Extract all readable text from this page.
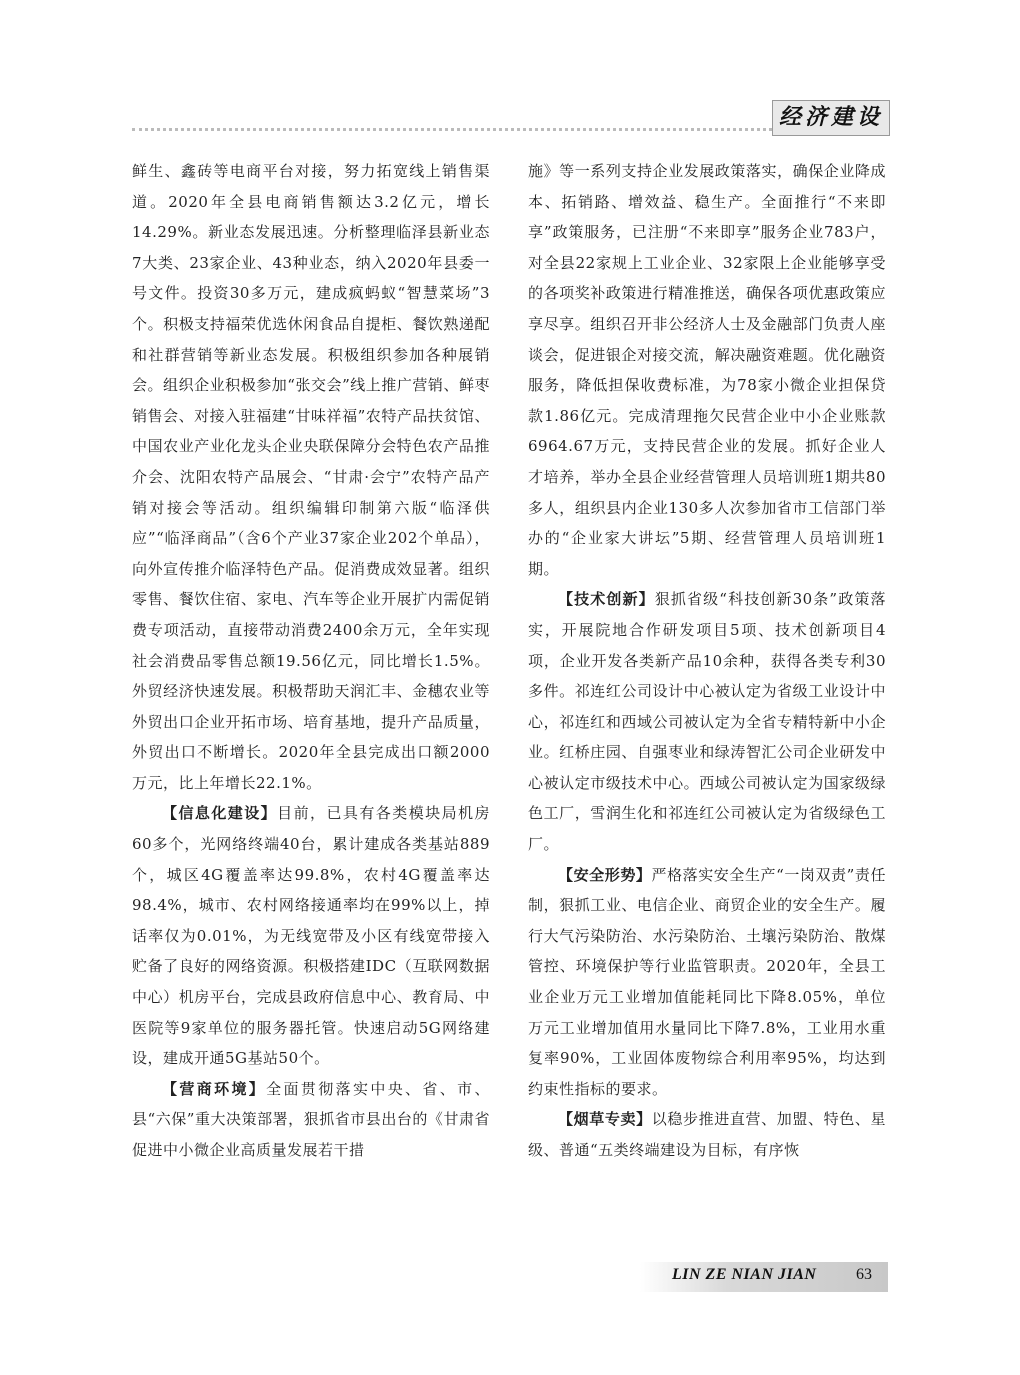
经济建设

鲜生、鑫砖等电商平台对接，努力拓宽线上销售渠道。2020年全县电商销售额达3.2亿元，增长14.29%。新业态发展迅速。分析整理临泽县新业态7大类、23家企业、43种业态，纳入2020年县委一号文件。投资30多万元，建成疯蚂蚁“智慧菜场”3个。积极支持福荣优选休闲食品自提柜、餐饮熟递配和社群营销等新业态发展。积极组织参加各种展销会。组织企业积极参加“张交会”线上推广营销、鲜枣销售会、对接入驻福建“甘味祥福”农特产品扶贫馆、中国农业产业化龙头企业央联保障分会特色农产品推介会、沈阳农特产品展会、“甘肃·会宁”农特产品产销对接会等活动。组织编辑印制第六版“临泽供应”“临泽商品”（含6个产业37家企业202个单品），向外宣传推介临泽特色产品。促消费成效显著。组织零售、餐饮住宿、家电、汽车等企业开展扩内需促销费专项活动，直接带动消费2400余万元，全年实现社会消费品零售总额19.56亿元，同比增长1.5%。外贸经济快速发展。积极帮助天润汇丰、金穗农业等外贸出口企业开拓市场、培育基地，提升产品质量，外贸出口不断增长。2020年全县完成出口额2000万元，比上年增长22.1%。

【信息化建设】目前，已具有各类模块局机房60多个，光网络终端40台，累计建成各类基站889个，城区4G覆盖率达99.8%，农村4G覆盖率达98.4%，城市、农村网络接通率均在99%以上，掉话率仅为0.01%，为无线宽带及小区有线宽带接入贮备了良好的网络资源。积极搭建IDC（互联网数据中心）机房平台，完成县政府信息中心、教育局、中医院等9家单位的服务器托管。快速启动5G网络建设，建成开通5G基站50个。

【营商环境】全面贯彻落实中央、省、市、县“六保”重大决策部署，狠抓省市县出台的《甘肃省促进中小微企业高质量发展若干措

施》等一系列支持企业发展政策落实，确保企业降成本、拓销路、增效益、稳生产。全面推行“不来即享”政策服务，已注册“不来即享”服务企业783户，对全县22家规上工业企业、32家限上企业能够享受的各项奖补政策进行精准推送，确保各项优惠政策应享尽享。组织召开非公经济人士及金融部门负责人座谈会，促进银企对接交流，解决融资难题。优化融资服务，降低担保收费标准，为78家小微企业担保贷款1.86亿元。完成清理拖欠民营企业中小企业账款6964.67万元，支持民营企业的发展。抓好企业人才培养，举办全县企业经营管理人员培训班1期共80多人，组织县内企业130多人次参加省市工信部门举办的“企业家大讲坛”5期、经营管理人员培训班1期。

【技术创新】狠抓省级“科技创新30条”政策落实，开展院地合作研发项目5项、技术创新项目4项，企业开发各类新产品10余种，获得各类专利30多件。祁连红公司设计中心被认定为省级工业设计中心，祁连红和西域公司被认定为全省专精特新中小企业。红桥庄园、自强枣业和绿涛智汇公司企业研发中心被认定市级技术中心。西域公司被认定为国家级绿色工厂，雪润生化和祁连红公司被认定为省级绿色工厂。

【安全形势】严格落实安全生产“一岗双责”责任制，狠抓工业、电信企业、商贸企业的安全生产。履行大气污染防治、水污染防治、土壤污染防治、散煤管控、环境保护等行业监管职责。2020年，全县工业企业万元工业增加值能耗同比下降8.05%，单位万元工业增加值用水量同比下降7.8%，工业用水重复率90%，工业固体废物综合利用率95%，均达到约束性指标的要求。

【烟草专卖】以稳步推进直营、加盟、特色、星级、普通“五类终端建设为目标，有序恢

LIN ZE NIAN JIAN 63
